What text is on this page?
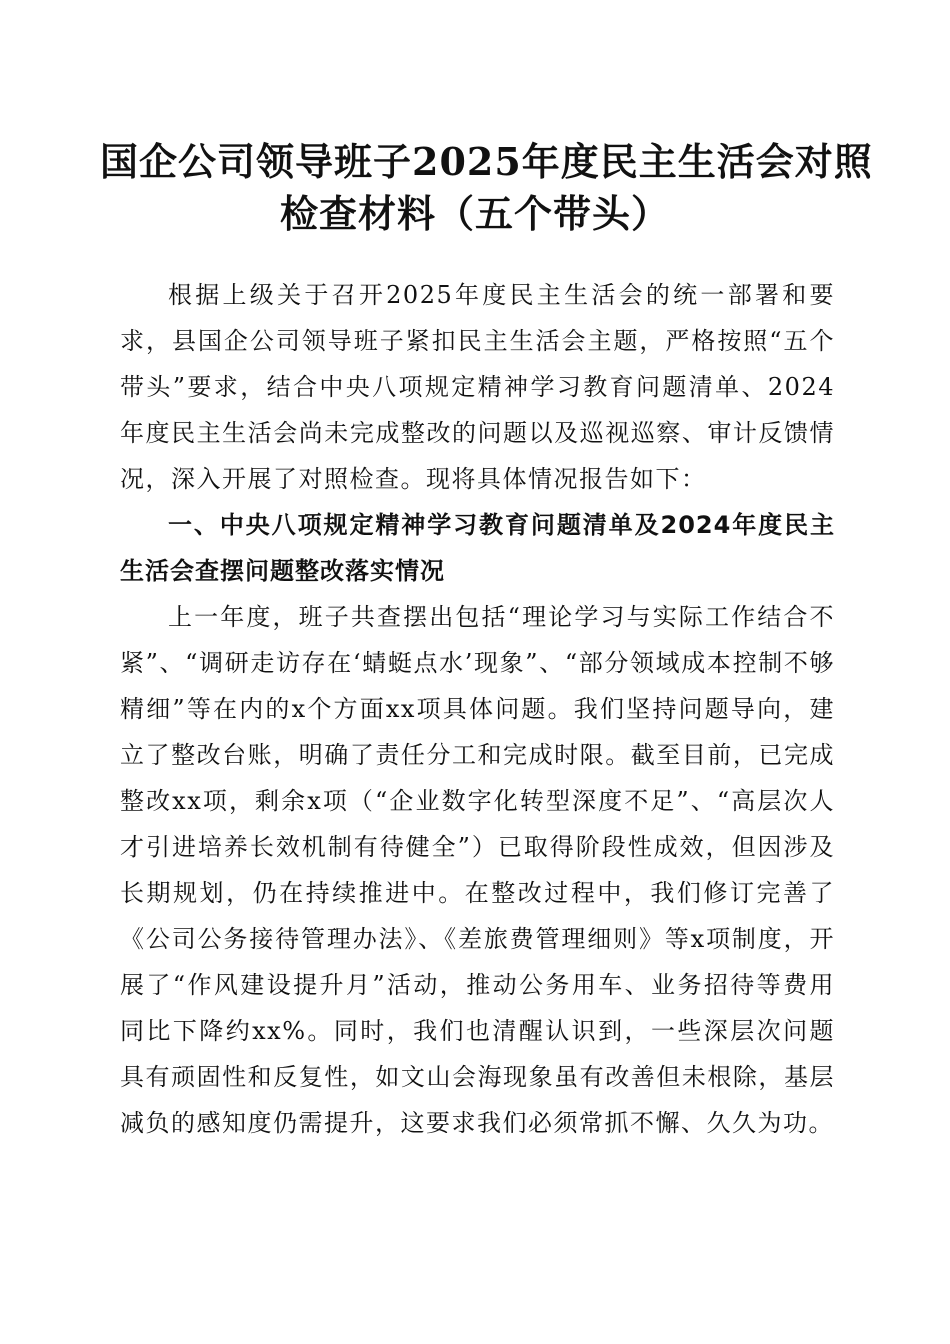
国企公司领导班子2025年度民主生活会对照
检查材料（五个带头）

根据上级关于召开2025年度民主生活会的统一部署和要求，县国企公司领导班子紧扣民主生活会主题，严格按照“五个带头”要求，结合中央八项规定精神学习教育问题清单、2024年度民主生活会尚未完成整改的问题以及巡视巡察、审计反馈情况，深入开展了对照检查。现将具体情况报告如下：

一、中央八项规定精神学习教育问题清单及2024年度民主生活会查摆问题整改落实情况

上一年度，班子共查摆出包括“理论学习与实际工作结合不紧”、“调研走访存在‘蜻蜓点水’现象”、“部分领域成本控制不够精细”等在内的x个方面xx项具体问题。我们坚持问题导向，建立了整改台账，明确了责任分工和完成时限。截至目前，已完成整改xx项，剩余x项（“企业数字化转型深度不足”、“高层次人才引进培养长效机制有待健全”）已取得阶段性成效，但因涉及长期规划，仍在持续推进中。在整改过程中，我们修订完善了《公司公务接待管理办法》、《差旅费管理细则》等x项制度，开展了“作风建设提升月”活动，推动公务用车、业务招待等费用同比下降约xx%。同时，我们也清醒认识到，一些深层次问题具有顽固性和反复性，如文山会海现象虽有改善但未根除，基层减负的感知度仍需提升，这要求我们必须常抓不懈、久久为功。
